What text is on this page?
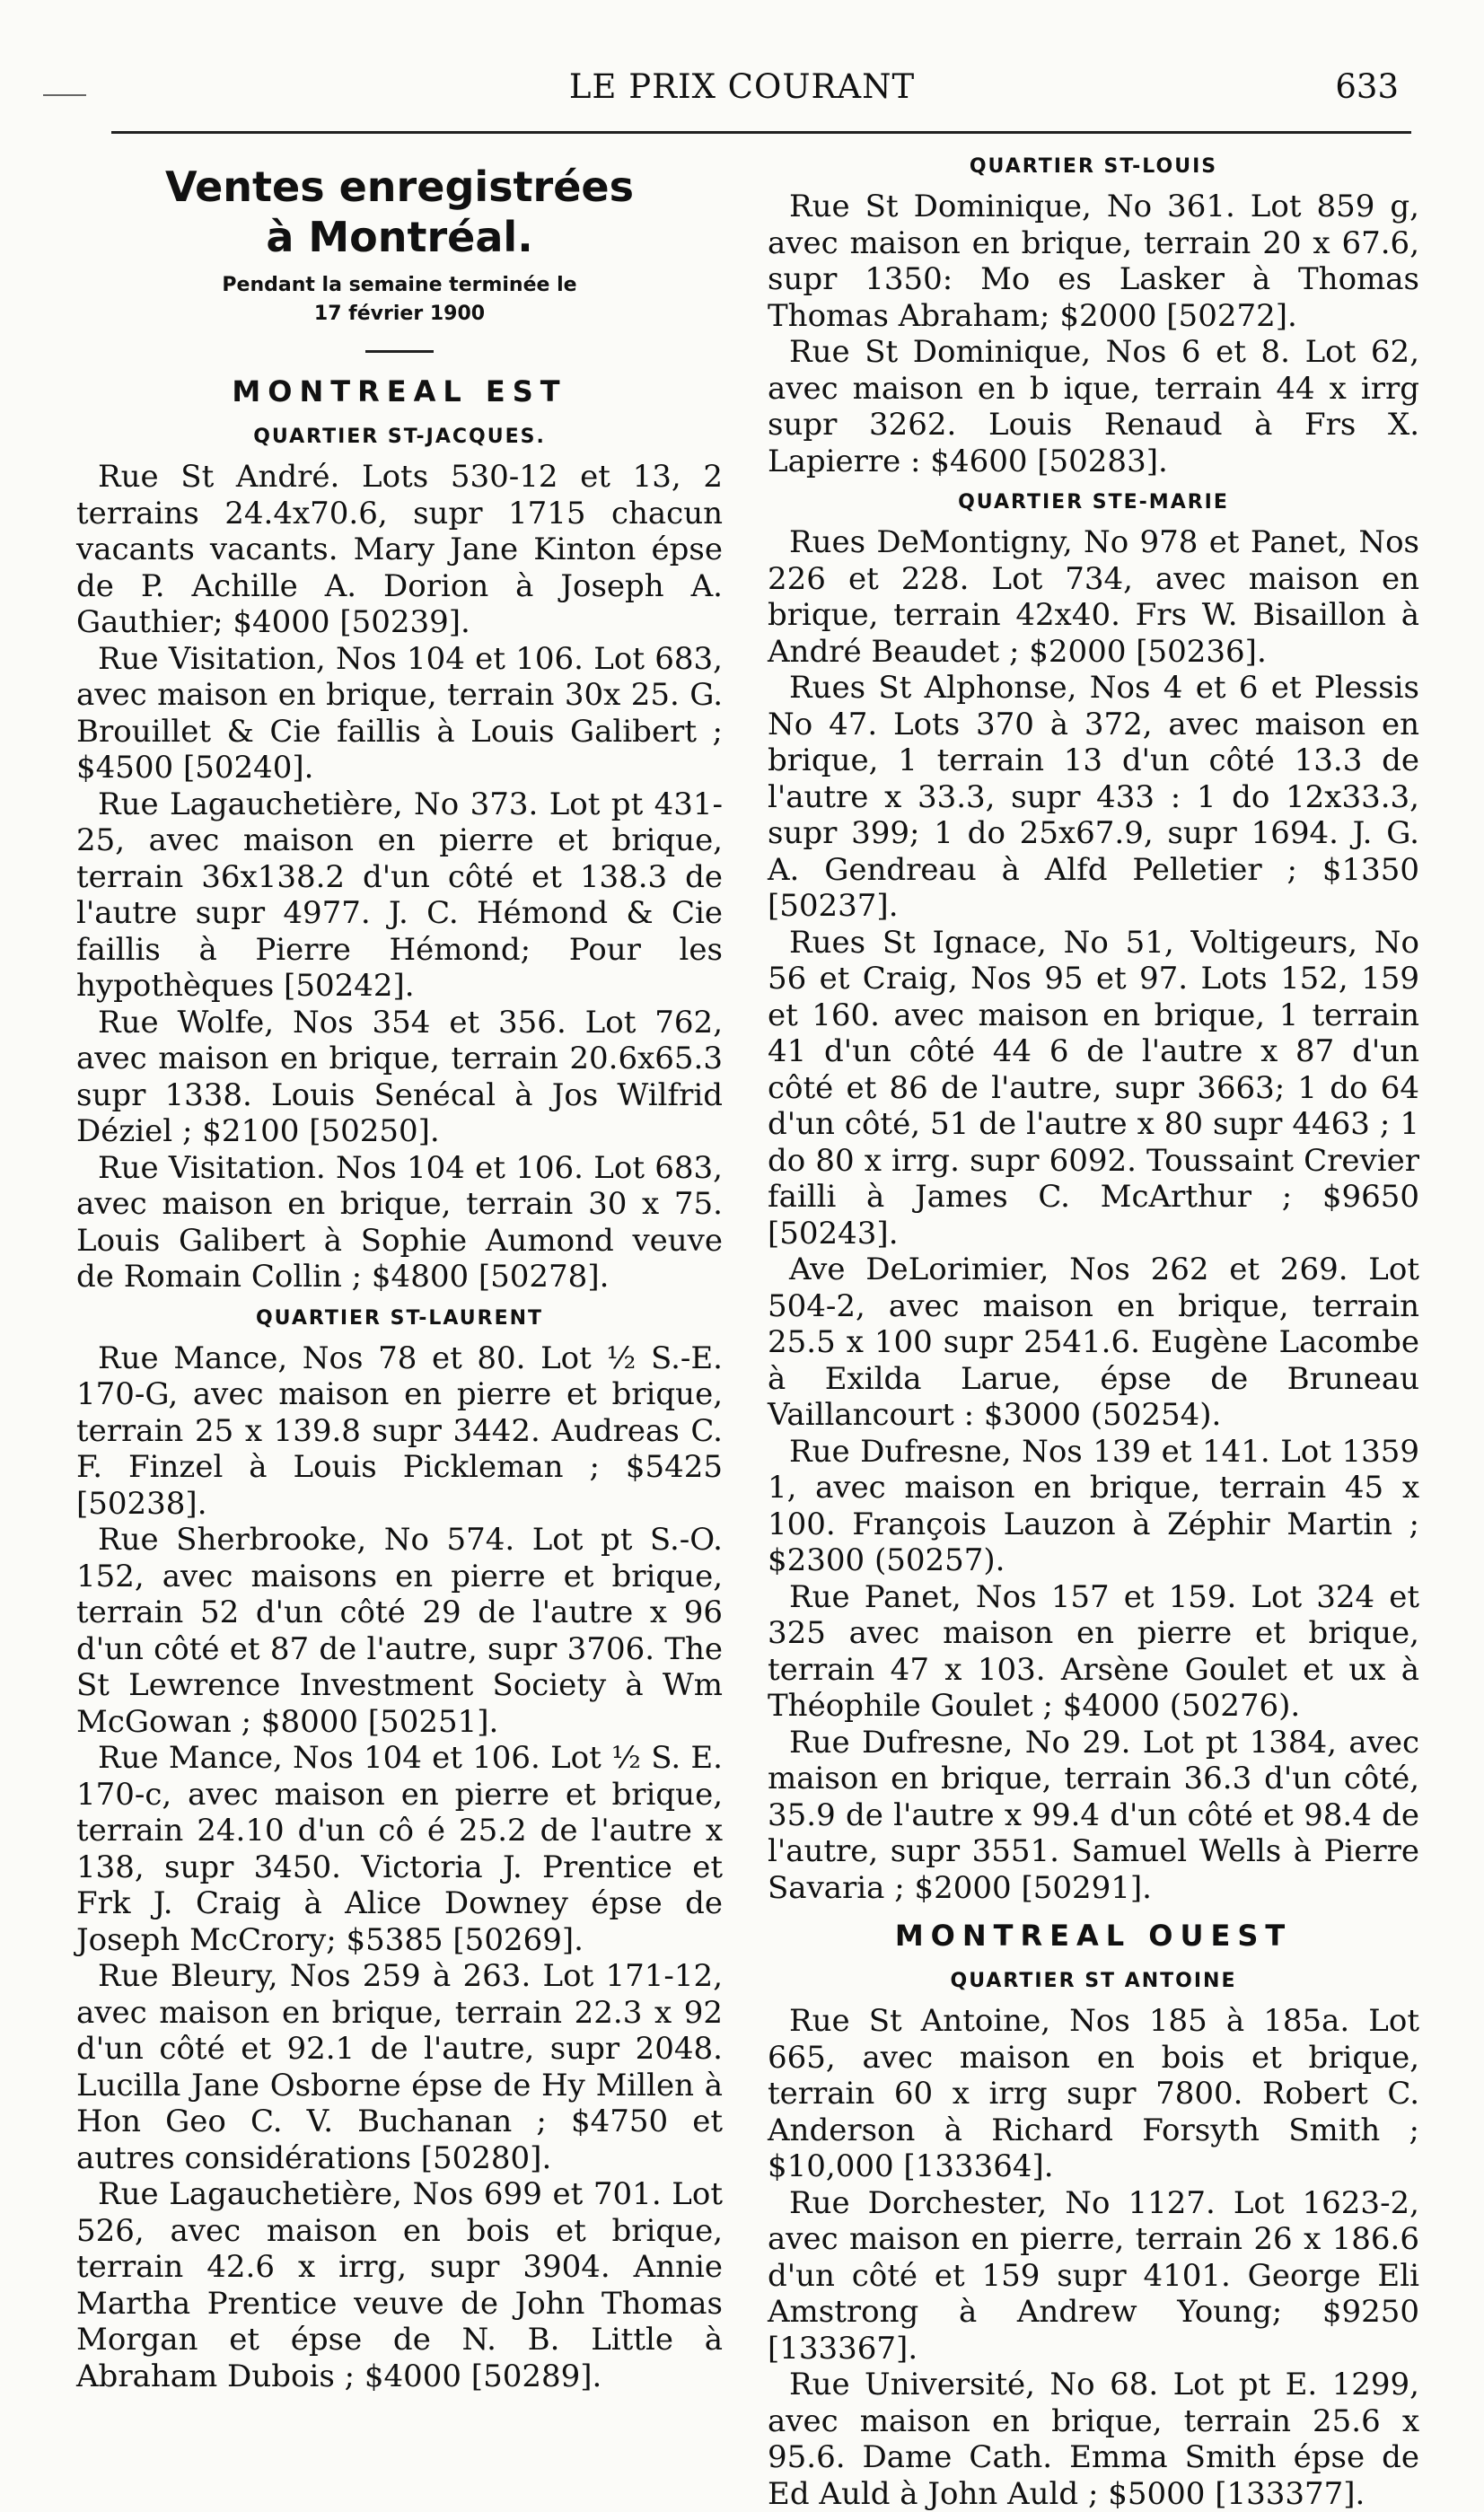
LE PRIX COURANT	633
Ventes enregistrées
à Montréal.
Pendant la semaine terminée le
17 février 1900
MONTREAL EST
QUARTIER ST-JACQUES.

Rue St André. Lots 530-12 et 13, 2 terrains 24.4x70.6, supr 1715 chacun vacants vacants. Mary Jane Kinton épse de P. Achille A. Dorion à Joseph A. Gauthier; $4000 [50239].

Rue Visitation, Nos 104 et 106. Lot 683, avec maison en brique, terrain 30x 25. G. Brouillet & Cie faillis à Louis Galibert ; $4500 [50240].

Rue Lagauchetière, No 373. Lot pt 431-25, avec maison en pierre et brique, terrain 36x138.2 d'un côté et 138.3 de l'autre supr 4977. J. C. Hémond & Cie faillis à Pierre Hémond; Pour les hypothèques [50242].

Rue Wolfe, Nos 354 et 356. Lot 762, avec maison en brique, terrain 20.6x65.3 supr 1338. Louis Senécal à Jos Wilfrid Déziel ; $2100 [50250].

Rue Visitation. Nos 104 et 106. Lot 683, avec maison en brique, terrain 30 x 75. Louis Galibert à Sophie Aumond veuve de Romain Collin ; $4800 [50278].

QUARTIER ST-LAURENT

Rue Mance, Nos 78 et 80. Lot ½ S.-E. 170-G, avec maison en pierre et brique, terrain 25 x 139.8 supr 3442. Audreas C. F. Finzel à Louis Pickleman ; $5425 [50238].

Rue Sherbrooke, No 574. Lot pt S.-O. 152, avec maisons en pierre et brique, terrain 52 d'un côté 29 de l'autre x 96 d'un côté et 87 de l'autre, supr 3706. The St Lewrence Investment Society à Wm McGowan ; $8000 [50251].

Rue Mance, Nos 104 et 106. Lot ½ S. E. 170-c, avec maison en pierre et brique, terrain 24.10 d'un cô é 25.2 de l'autre x 138, supr 3450. Victoria J. Prentice et Frk J. Craig à Alice Downey épse de Joseph McCrory; $5385 [50269].

Rue Bleury, Nos 259 à 263. Lot 171-12, avec maison en brique, terrain 22.3 x 92 d'un côté et 92.1 de l'autre, supr 2048. Lucilla Jane Osborne épse de Hy Millen à Hon Geo C. V. Buchanan ; $4750 et autres considérations [50280].

Rue Lagauchetière, Nos 699 et 701. Lot 526, avec maison en bois et brique, terrain 42.6 x irrg, supr 3904. Annie Martha Prentice veuve de John Thomas Morgan et épse de N. B. Little à Abraham Dubois ; $4000 [50289].

QUARTIER ST-LOUIS

Rue St Dominique, No 361. Lot 859 g, avec maison en brique, terrain 20 x 67.6, supr 1350: Mo es Lasker à Thomas Thomas Abraham; $2000 [50272].

Rue St Dominique, Nos 6 et 8. Lot 62, avec maison en b ique, terrain 44 x irrg supr 3262. Louis Renaud à Frs X. Lapierre : $4600 [50283].

QUARTIER STE-MARIE

Rues DeMontigny, No 978 et Panet, Nos 226 et 228. Lot 734, avec maison en brique, terrain 42x40. Frs W. Bisaillon à André Beaudet ; $2000 [50236].

Rues St Alphonse, Nos 4 et 6 et Plessis No 47. Lots 370 à 372, avec maison en brique, 1 terrain 13 d'un côté 13.3 de l'autre x 33.3, supr 433 : 1 do 12x33.3, supr 399; 1 do 25x67.9, supr 1694. J. G. A. Gendreau à Alfd Pelletier ; $1350 [50237].

Rues St Ignace, No 51, Voltigeurs, No 56 et Craig, Nos 95 et 97. Lots 152, 159 et 160. avec maison en brique, 1 terrain 41 d'un côté 44 6 de l'autre x 87 d'un côté et 86 de l'autre, supr 3663; 1 do 64 d'un côté, 51 de l'autre x 80 supr 4463 ; 1 do 80 x irrg. supr 6092. Toussaint Crevier failli à James C. McArthur ; $9650 [50243].

Ave DeLorimier, Nos 262 et 269. Lot 504-2, avec maison en brique, terrain 25.5 x 100 supr 2541.6. Eugène Lacombe à Exilda Larue, épse de Bruneau Vaillancourt : $3000 (50254).

Rue Dufresne, Nos 139 et 141. Lot 1359 1, avec maison en brique, terrain 45 x 100. François Lauzon à Zéphir Martin ; $2300 (50257).

Rue Panet, Nos 157 et 159. Lot 324 et 325 avec maison en pierre et brique, terrain 47 x 103. Arsène Goulet et ux à Théophile Goulet ; $4000 (50276).

Rue Dufresne, No 29. Lot pt 1384, avec maison en brique, terrain 36.3 d'un côté, 35.9 de l'autre x 99.4 d'un côté et 98.4 de l'autre, supr 3551. Samuel Wells à Pierre Savaria ; $2000 [50291].

MONTREAL OUEST
QUARTIER ST ANTOINE

Rue St Antoine, Nos 185 à 185a. Lot 665, avec maison en bois et brique, terrain 60 x irrg supr 7800. Robert C. Anderson à Richard Forsyth Smith ; $10,000 [133364].

Rue Dorchester, No 1127. Lot 1623-2, avec maison en pierre, terrain 26 x 186.6 d'un côté et 159 supr 4101. George Eli Amstrong à Andrew Young; $9250 [133367].

Rue Université, No 68. Lot pt E. 1299, avec maison en brique, terrain 25.6 x 95.6. Dame Cath. Emma Smith épse de Ed Auld à John Auld ; $5000 [133377].
